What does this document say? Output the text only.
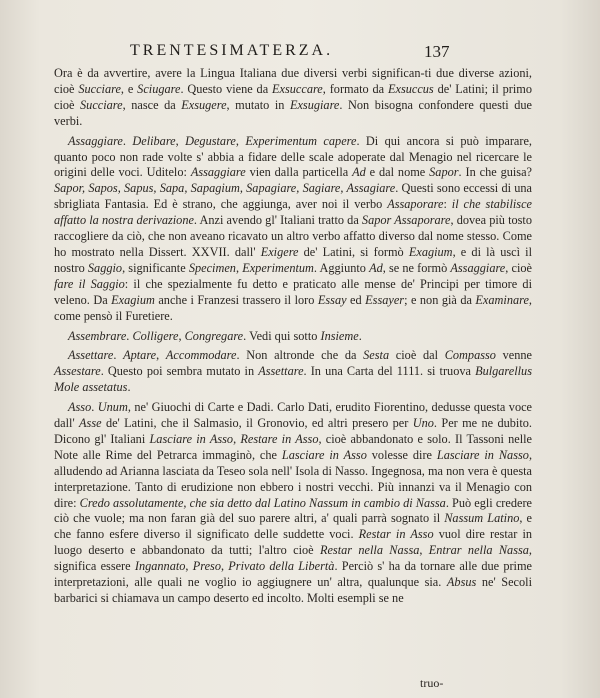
TRENTESIMATERZA.	137

Ora è da avvertire, avere la Lingua Italiana due diversi verbi significan-ti due diverse azioni, cioè Succiare, e Sciugare. Questo viene da Exsuccare, formato da Exsuccus de' Latini; il primo cioè Succiare, nasce da Exsugere, mutato in Exsugiare. Non bisogna confondere questi due verbi.

Assaggiare. Delibare, Degustare, Experimentum capere. Di qui ancora si può imparare, quanto poco non rade volte s' abbia a fidare delle scale adoperate dal Menagio nel ricercare le origini delle voci. Uditelo: Assaggiare vien dalla particella Ad e dal nome Sapor. In che guisa? Sapor, Sapos, Sapus, Sapa, Sapagium, Sapagiare, Sagiare, Assagiare. Questi sono eccessi di una sbrigliata Fantasia. Ed è strano, che aggiunga, aver noi il verbo Assaporare: il che stabilisce affatto la nostra derivazione. Anzi avendo gl' Italiani tratto da Sapor Assaporare, dovea più tosto raccogliere da ciò, che non aveano ricavato un altro verbo affatto diverso dal nome stesso. Come ho mostrato nella Dissert. XXVII. dall' Exigere de' Latini, si formò Exagium, e di là uscì il nostro Saggio, significante Specimen, Experimentum. Aggiunto Ad, se ne formò Assaggiare, cioè fare il Saggio: il che spezialmente fu detto e praticato alle mense de' Principi per timore di veleno. Da Exagium anche i Franzesi trassero il loro Essay ed Essayer; e non già da Examinare, come pensò il Furetiere.

Assembrare. Colligere, Congregare. Vedi qui sotto Insieme.

Assettare. Aptare, Accommodare. Non altronde che da Sesta cioè dal Compasso venne Assestare. Questo poi sembra mutato in Assettare. In una Carta del 1111. si truova Bulgarellus Mole assetatus.

Asso. Unum, ne' Giuochi di Carte e Dadi. Carlo Dati, erudito Fiorentino, dedusse questa voce dall' Asse de' Latini, che il Salmasio, il Gronovio, ed altri presero per Uno. Per me ne dubito. Dicono gl' Italiani Lasciare in Asso, Restare in Asso, cioè abbandonato e solo. Il Tassoni nelle Note alle Rime del Petrarca immaginò, che Lasciare in Asso volesse dire Lasciare in Nasso, alludendo ad Arianna lasciata da Teseo sola nell' Isola di Nasso. Ingegnosa, ma non vera è questa interpretazione. Tanto di erudizione non ebbero i nostri vecchi. Più innanzi va il Menagio con dire: Credo assolutamente, che sia detto dal Latino Nassum in cambio di Nassa. Può egli credere ciò che vuole; ma non faran già del suo parere altri, a' quali parrà sognato il Nassum Latino, e che fanno esfere diverso il significato delle suddette voci. Restar in Asso vuol dire restar in luogo deserto e abbandonato da tutti; l'altro cioè Restar nella Nassa, Entrar nella Nassa, significa essere Ingannato, Preso, Privato della Libertà. Perciò s' ha da tornare alle due prime interpretazioni, alle quali ne voglio io aggiugnere un' altra, qualunque sia. Absus ne' Secoli barbarici si chiamava un campo deserto ed incolto. Molti esempli se ne

truo-
